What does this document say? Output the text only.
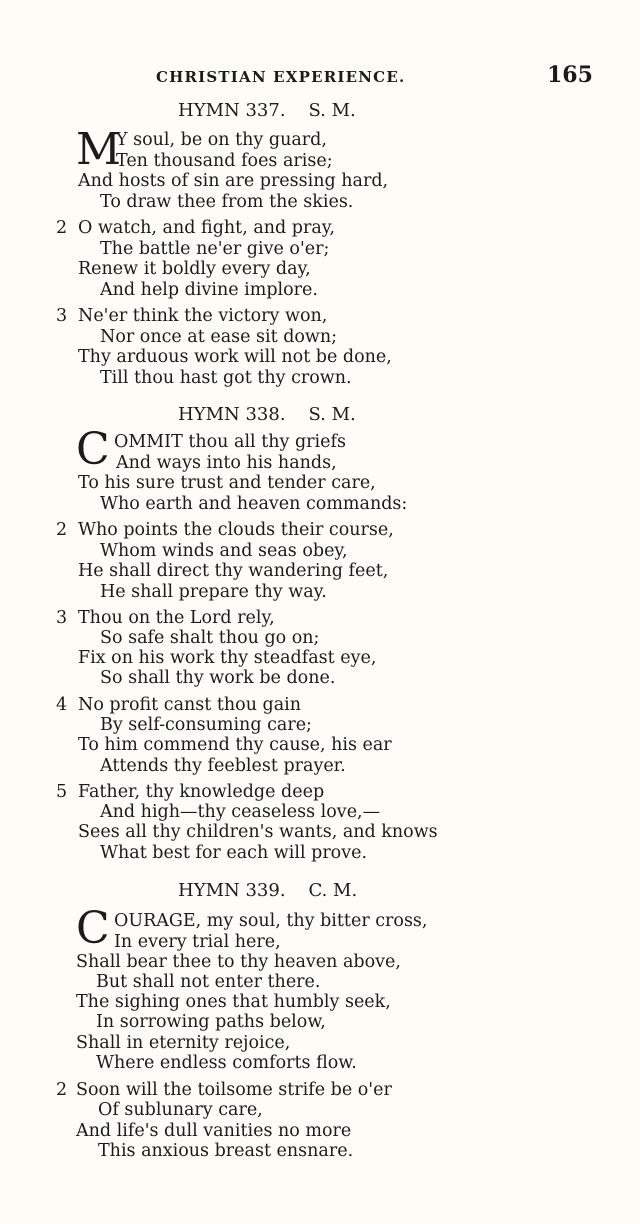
CHRISTIAN EXPERIENCE.	165
HYMN 337.    S. M.
M
Y soul, be on thy guard,
Ten thousand foes arise;
And hosts of sin are pressing hard,
To draw thee from the skies.
2 O watch, and fight, and pray,
The battle ne'er give o'er;
Renew it boldly every day,
And help divine implore.
3 Ne'er think the victory won,
Nor once at ease sit down;
Thy arduous work will not be done,
Till thou hast got thy crown.
HYMN 338.    S. M.
C OMMIT thou all thy griefs
And ways into his hands,
To his sure trust and tender care,
Who earth and heaven commands:
2 Who points the clouds their course,
Whom winds and seas obey,
He shall direct thy wandering feet,
He shall prepare thy way.
3 Thou on the Lord rely,
So safe shalt thou go on;
Fix on his work thy steadfast eye,
So shall thy work be done.
4 No profit canst thou gain
By self-consuming care;
To him commend thy cause, his ear
Attends thy feeblest prayer.
5 Father, thy knowledge deep
And high—thy ceaseless love,—
Sees all thy children's wants, and knows
What best for each will prove.
HYMN 339.    C. M.
C OURAGE, my soul, thy bitter cross,
In every trial here,
Shall bear thee to thy heaven above,
But shall not enter there.
The sighing ones that humbly seek,
In sorrowing paths below,
Shall in eternity rejoice,
Where endless comforts flow.
2 Soon will the toilsome strife be o'er
Of sublunary care,
And life's dull vanities no more
This anxious breast ensnare.
